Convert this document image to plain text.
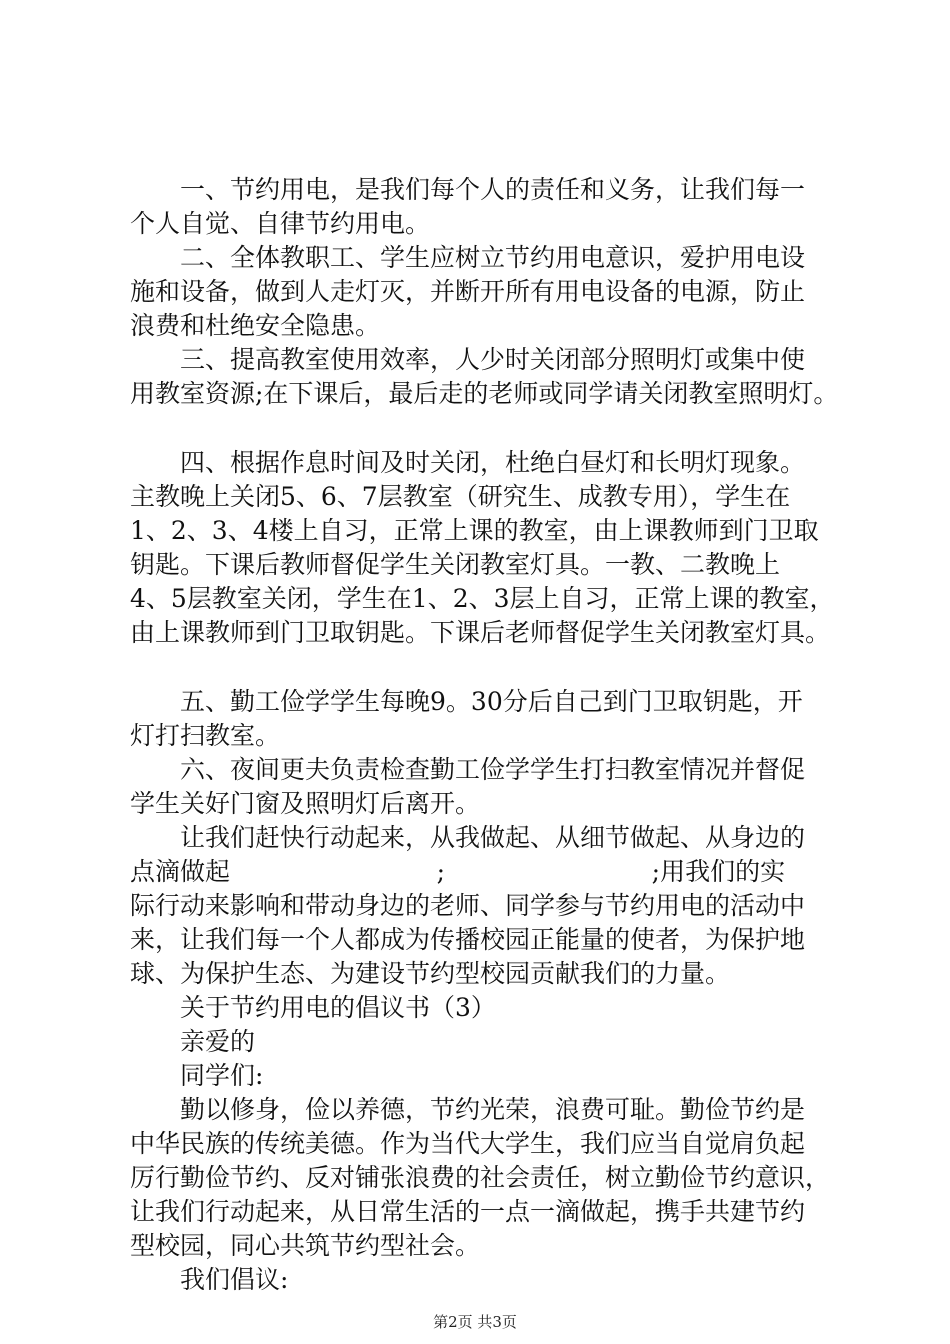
一、节约用电，是我们每个人的责任和义务，让我们每一
个人自觉、自律节约用电。
二、全体教职工、学生应树立节约用电意识，爱护用电设
施和设备，做到人走灯灭，并断开所有用电设备的电源，防止
浪费和杜绝安全隐患。
三、提高教室使用效率，人少时关闭部分照明灯或集中使
用教室资源;在下课后，最后走的老师或同学请关闭教室照明灯。
四、根据作息时间及时关闭，杜绝白昼灯和长明灯现象。
主教晚上关闭5、6、7层教室（研究生、成教专用），学生在
1、2、3、4楼上自习，正常上课的教室，由上课教师到门卫取
钥匙。下课后教师督促学生关闭教室灯具。一教、二教晚上
4、5层教室关闭，学生在1、2、3层上自习，正常上课的教室，
由上课教师到门卫取钥匙。下课后老师督促学生关闭教室灯具。
五、勤工俭学学生每晚9。30分后自己到门卫取钥匙，开
灯打扫教室。
六、夜间更夫负责检查勤工俭学学生打扫教室情况并督促
学生关好门窗及照明灯后离开。
让我们赶快行动起来，从我做起、从细节做起、从身边的
点滴做起                          ;                          ;用我们的实
际行动来影响和带动身边的老师、同学参与节约用电的活动中
来，让我们每一个人都成为传播校园正能量的使者，为保护地
球、为保护生态、为建设节约型校园贡献我们的力量。
关于节约用电的倡议书（3）
亲爱的
同学们:
勤以修身，俭以养德，节约光荣，浪费可耻。勤俭节约是
中华民族的传统美德。作为当代大学生，我们应当自觉肩负起
厉行勤俭节约、反对铺张浪费的社会责任，树立勤俭节约意识，
让我们行动起来，从日常生活的一点一滴做起，携手共建节约
型校园，同心共筑节约型社会。
我们倡议:
第2页 共3页
